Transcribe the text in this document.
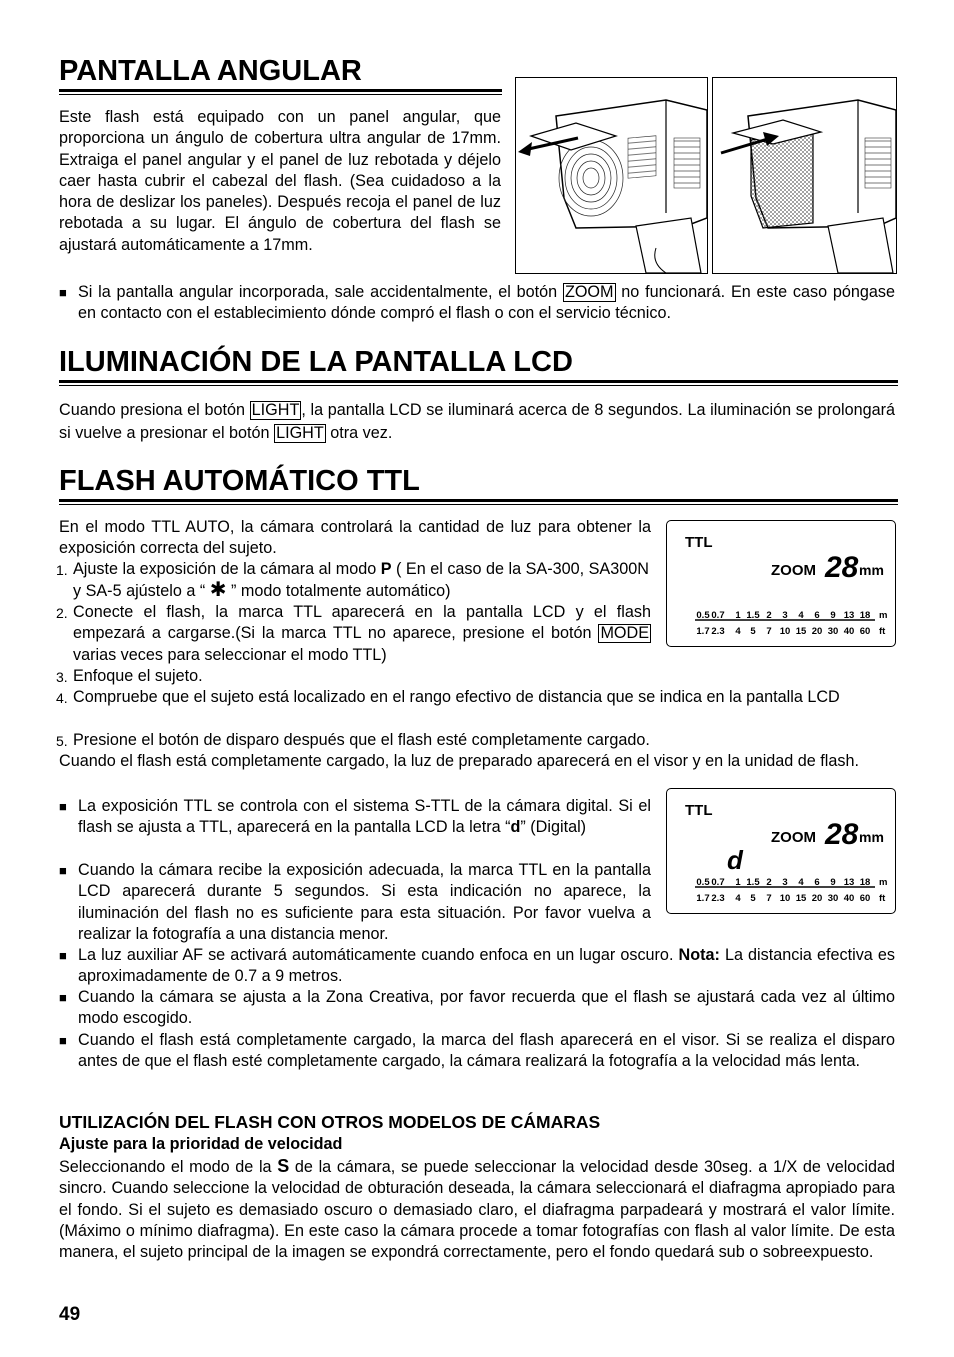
PANTALLA ANGULAR
Este flash está equipado con un panel angular, que proporciona un ángulo de cobertura ultra angular de 17mm. Extraiga el panel angular y el panel de luz rebotada y déjelo caer hasta cubrir el cabezal del flash. (Sea cuidadoso a la hora de deslizar los paneles). Después recoja el panel de luz rebotada a su lugar. El ángulo de cobertura del flash se ajustará automáticamente a 17mm.
■ Si la pantalla angular incorporada, sale accidentalmente, el botón ZOOM no funcionará. En este caso póngase en contacto con el establecimiento dónde compró el flash o con el servicio técnico.
ILUMINACIÓN DE LA PANTALLA LCD
Cuando presiona el botón LIGHT , la pantalla LCD se iluminará acerca de 8 segundos. La iluminación se prolongará si vuelve a presionar el botón LIGHT otra vez.
FLASH AUTOMÁTICO TTL
En el modo TTL AUTO, la cámara controlará la cantidad de luz para obtener la exposición correcta del sujeto.
1. Ajuste la exposición de la cámara al modo P ( En el caso de la SA-300, SA300N y SA-5 ajústelo a “ ✱ ” modo totalmente automático)
2. Conecte el flash, la marca TTL aparecerá en la pantalla LCD y el flash empezará a cargarse.(Si la marca TTL no aparece, presione el botón MODE varias veces para seleccionar el modo TTL)
3. Enfoque el sujeto.
4. Compruebe que el sujeto está localizado en el rango efectivo de distancia que se indica en la pantalla LCD
5. Presione el botón de disparo después que el flash esté completamente cargado.
Cuando el flash está completamente cargado, la luz de preparado aparecerá en el visor y en la unidad de flash.
TTL
ZOOM 28 mm
0.5 0.7 1 1.5 2 3 4 6 9 13 18 m
1.7 2.3 4 5 7 10 15 20 30 40 60 ft
■ La exposición TTL se controla con el sistema S-TTL de la cámara digital. Si el flash se ajusta a TTL, aparecerá en la pantalla LCD la letra “d” (Digital)
■ Cuando la cámara recibe la exposición adecuada, la marca TTL en la pantalla LCD aparecerá durante 5 segundos. Si esta indicación no aparece, la iluminación del flash no es suficiente para esta situación. Por favor vuelva a realizar la fotografía a una distancia menor.
■ La luz auxiliar AF se activará automáticamente cuando enfoca en un lugar oscuro. Nota: La distancia efectiva es aproximadamente de 0.7 a 9 metros.
■ Cuando la cámara se ajusta a la Zona Creativa, por favor recuerda que el flash se ajustará cada vez al último modo escogido.
■ Cuando el flash está completamente cargado, la marca del flash aparecerá en el visor. Si se realiza el disparo antes de que el flash esté completamente cargado, la cámara realizará la fotografía a la velocidad más lenta.
TTL
ZOOM 28 mm
d
0.5 0.7 1 1.5 2 3 4 6 9 13 18 m
1.7 2.3 4 5 7 10 15 20 30 40 60 ft
UTILIZACIÓN DEL FLASH CON OTROS MODELOS DE CÁMARAS
Ajuste para la prioridad de velocidad
Seleccionando el modo de la S de la cámara, se puede seleccionar la velocidad desde 30seg. a 1/X de velocidad sincro. Cuando seleccione la velocidad de obturación deseada, la cámara seleccionará el diafragma apropiado para el fondo. Si el sujeto es demasiado oscuro o demasiado claro, el diafragma parpadeará y mostrará el valor límite. (Máximo o mínimo diafragma). En este caso la cámara procede a tomar fotografías con flash al valor límite. De esta manera, el sujeto principal de la imagen se expondrá correctamente, pero el fondo quedará sub o sobreexpuesto.
49
